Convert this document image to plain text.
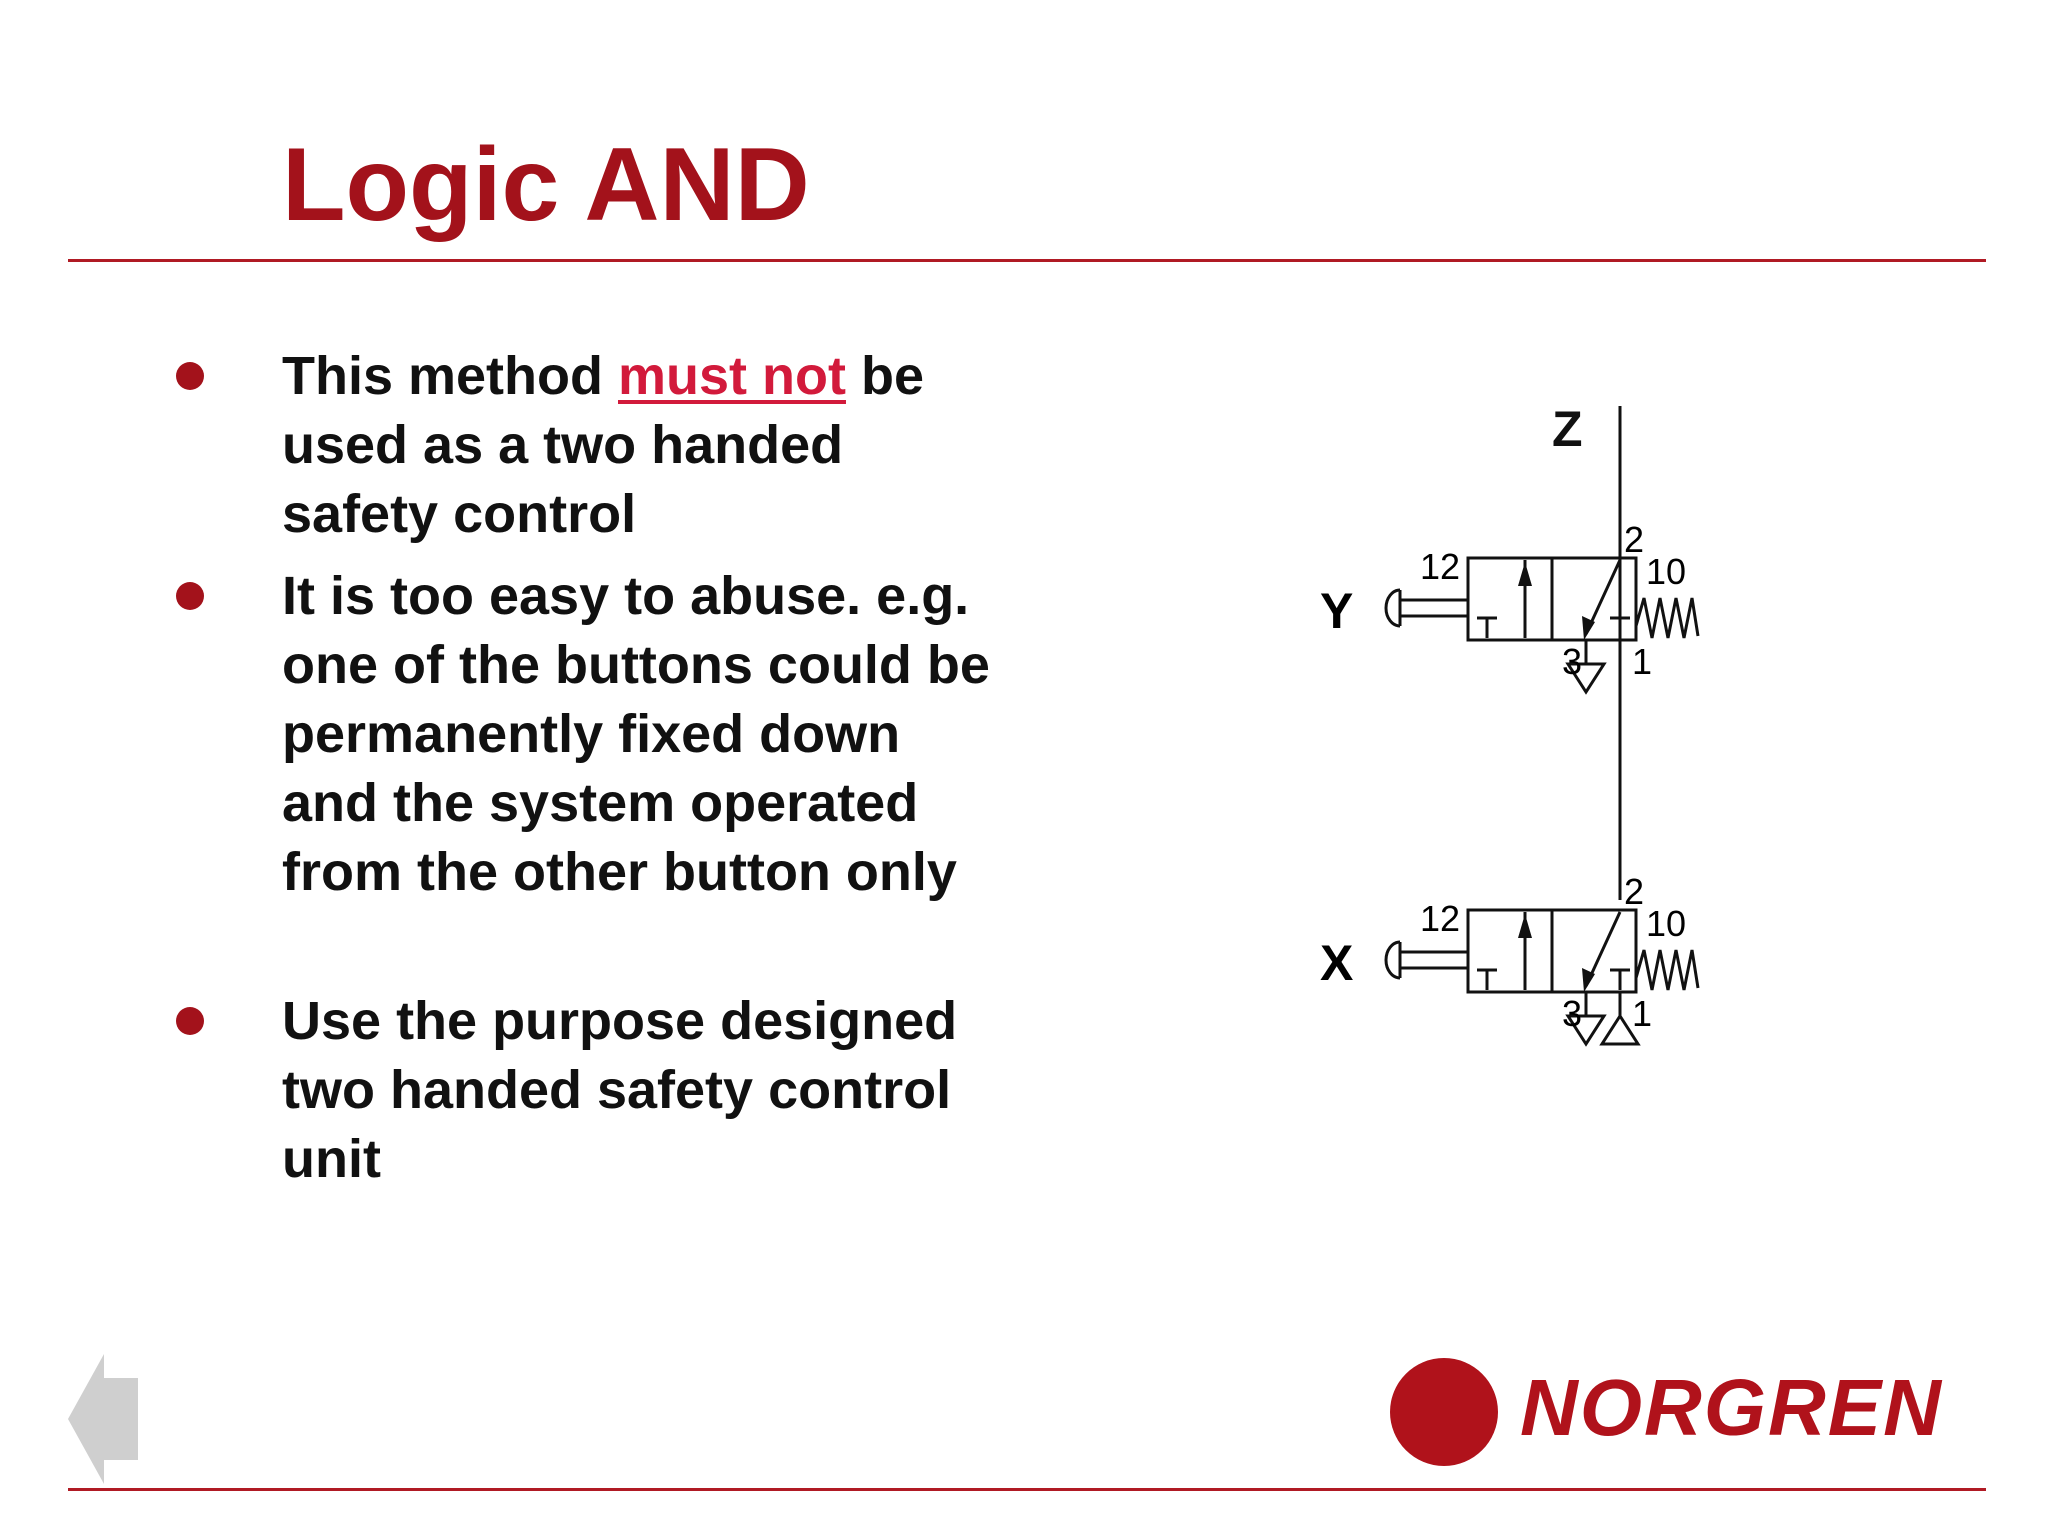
Logic AND
This method must not be used as a two handed safety control
It is too easy to abuse. e.g. one of the buttons could be permanently fixed down and the system operated from the other button only
Use the purpose designed two handed safety control unit
Z
Y
12
2
10
3 1
X
12
2
10
3 1
NORGREN
